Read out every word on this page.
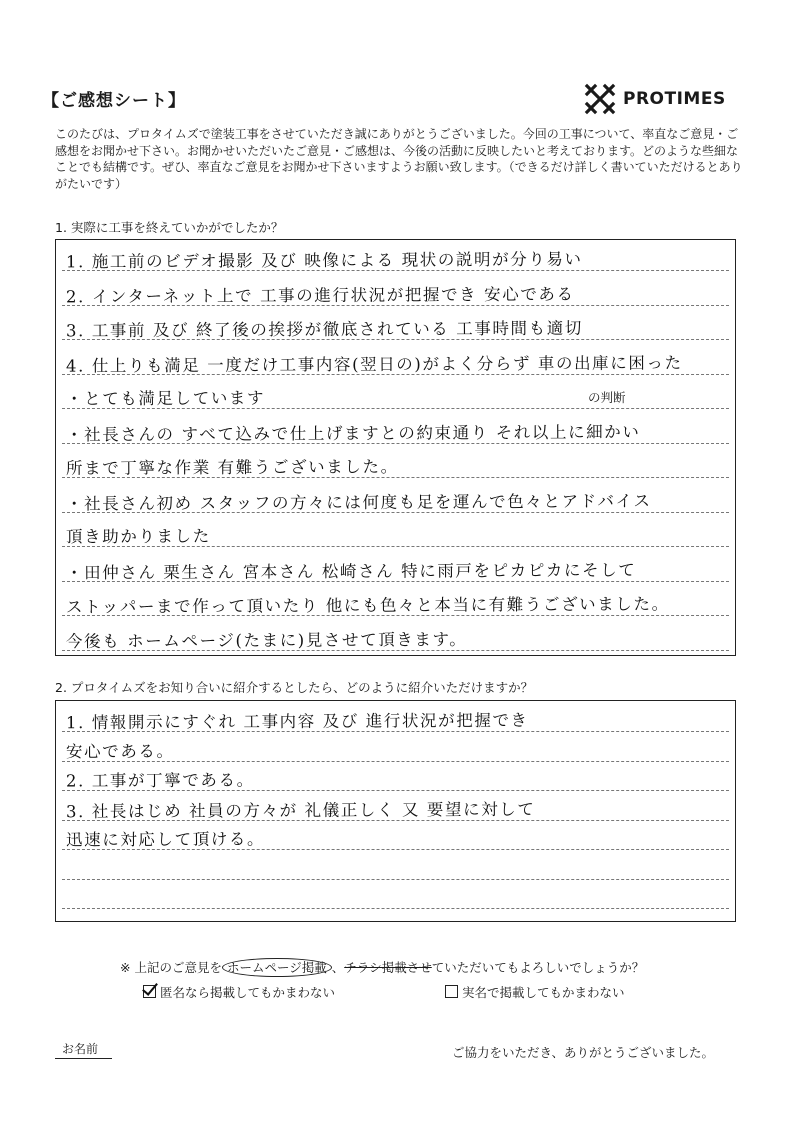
【ご感想シート】	PROTIMES
このたびは、プロタイムズで塗装工事をさせていただき誠にありがとうございました。今回の工事について、率直なご意見・ご感想をお聞かせ下さい。お聞かせいただいたご意見・ご感想は、今後の活動に反映したいと考えております。どのような些細なことでも結構です。ぜひ、率直なご意見をお聞かせ下さいますようお願い致します。（できるだけ詳しく書いていただけるとありがたいです）
1. 実際に工事を終えていかがでしたか？
1. 施工前のビデオ撮影 及び 映像による 現状の説明が分り易い
2. インターネット上で 工事の進行状況が把握でき 安心である
3. 工事前 及び 終了後の挨拶が徹底されている 工事時間も適切
4. 仕上りも満足 一度だけ工事内容(翌日の)がよく分らず 車の出庫に困った
・とても満足しています
・社長さんの すべて込みで仕上げますとの約束通り それ以上に細かい
所まで丁寧な作業 有難うございました。
・社長さん初め スタッフの方々には何度も足を運んで色々とアドバイス
頂き助かりました
・田仲さん 栗生さん 宮本さん 松崎さん 特に雨戸をピカピカにそして
ストッパーまで作って頂いたり 他にも色々と本当に有難うございました。
今後も ホームページ(たまに)見させて頂きます。
の判断
2. プロタイムズをお知り合いに紹介するとしたら、どのように紹介いただけますか？
1. 情報開示にすぐれ 工事内容 及び 進行状況が把握でき
安心である。
2. 工事が丁寧である。
3. 社長はじめ 社員の方々が 礼儀正しく 又 要望に対して
迅速に対応して頂ける。
※ 上記のご意見を ホームページ掲載 、チラシ掲載させていただいてもよろしいでしょうか？
匿名なら掲載してもかまわない	実名で掲載してもかまわない
お名前	ご協力をいただき、ありがとうございました。
